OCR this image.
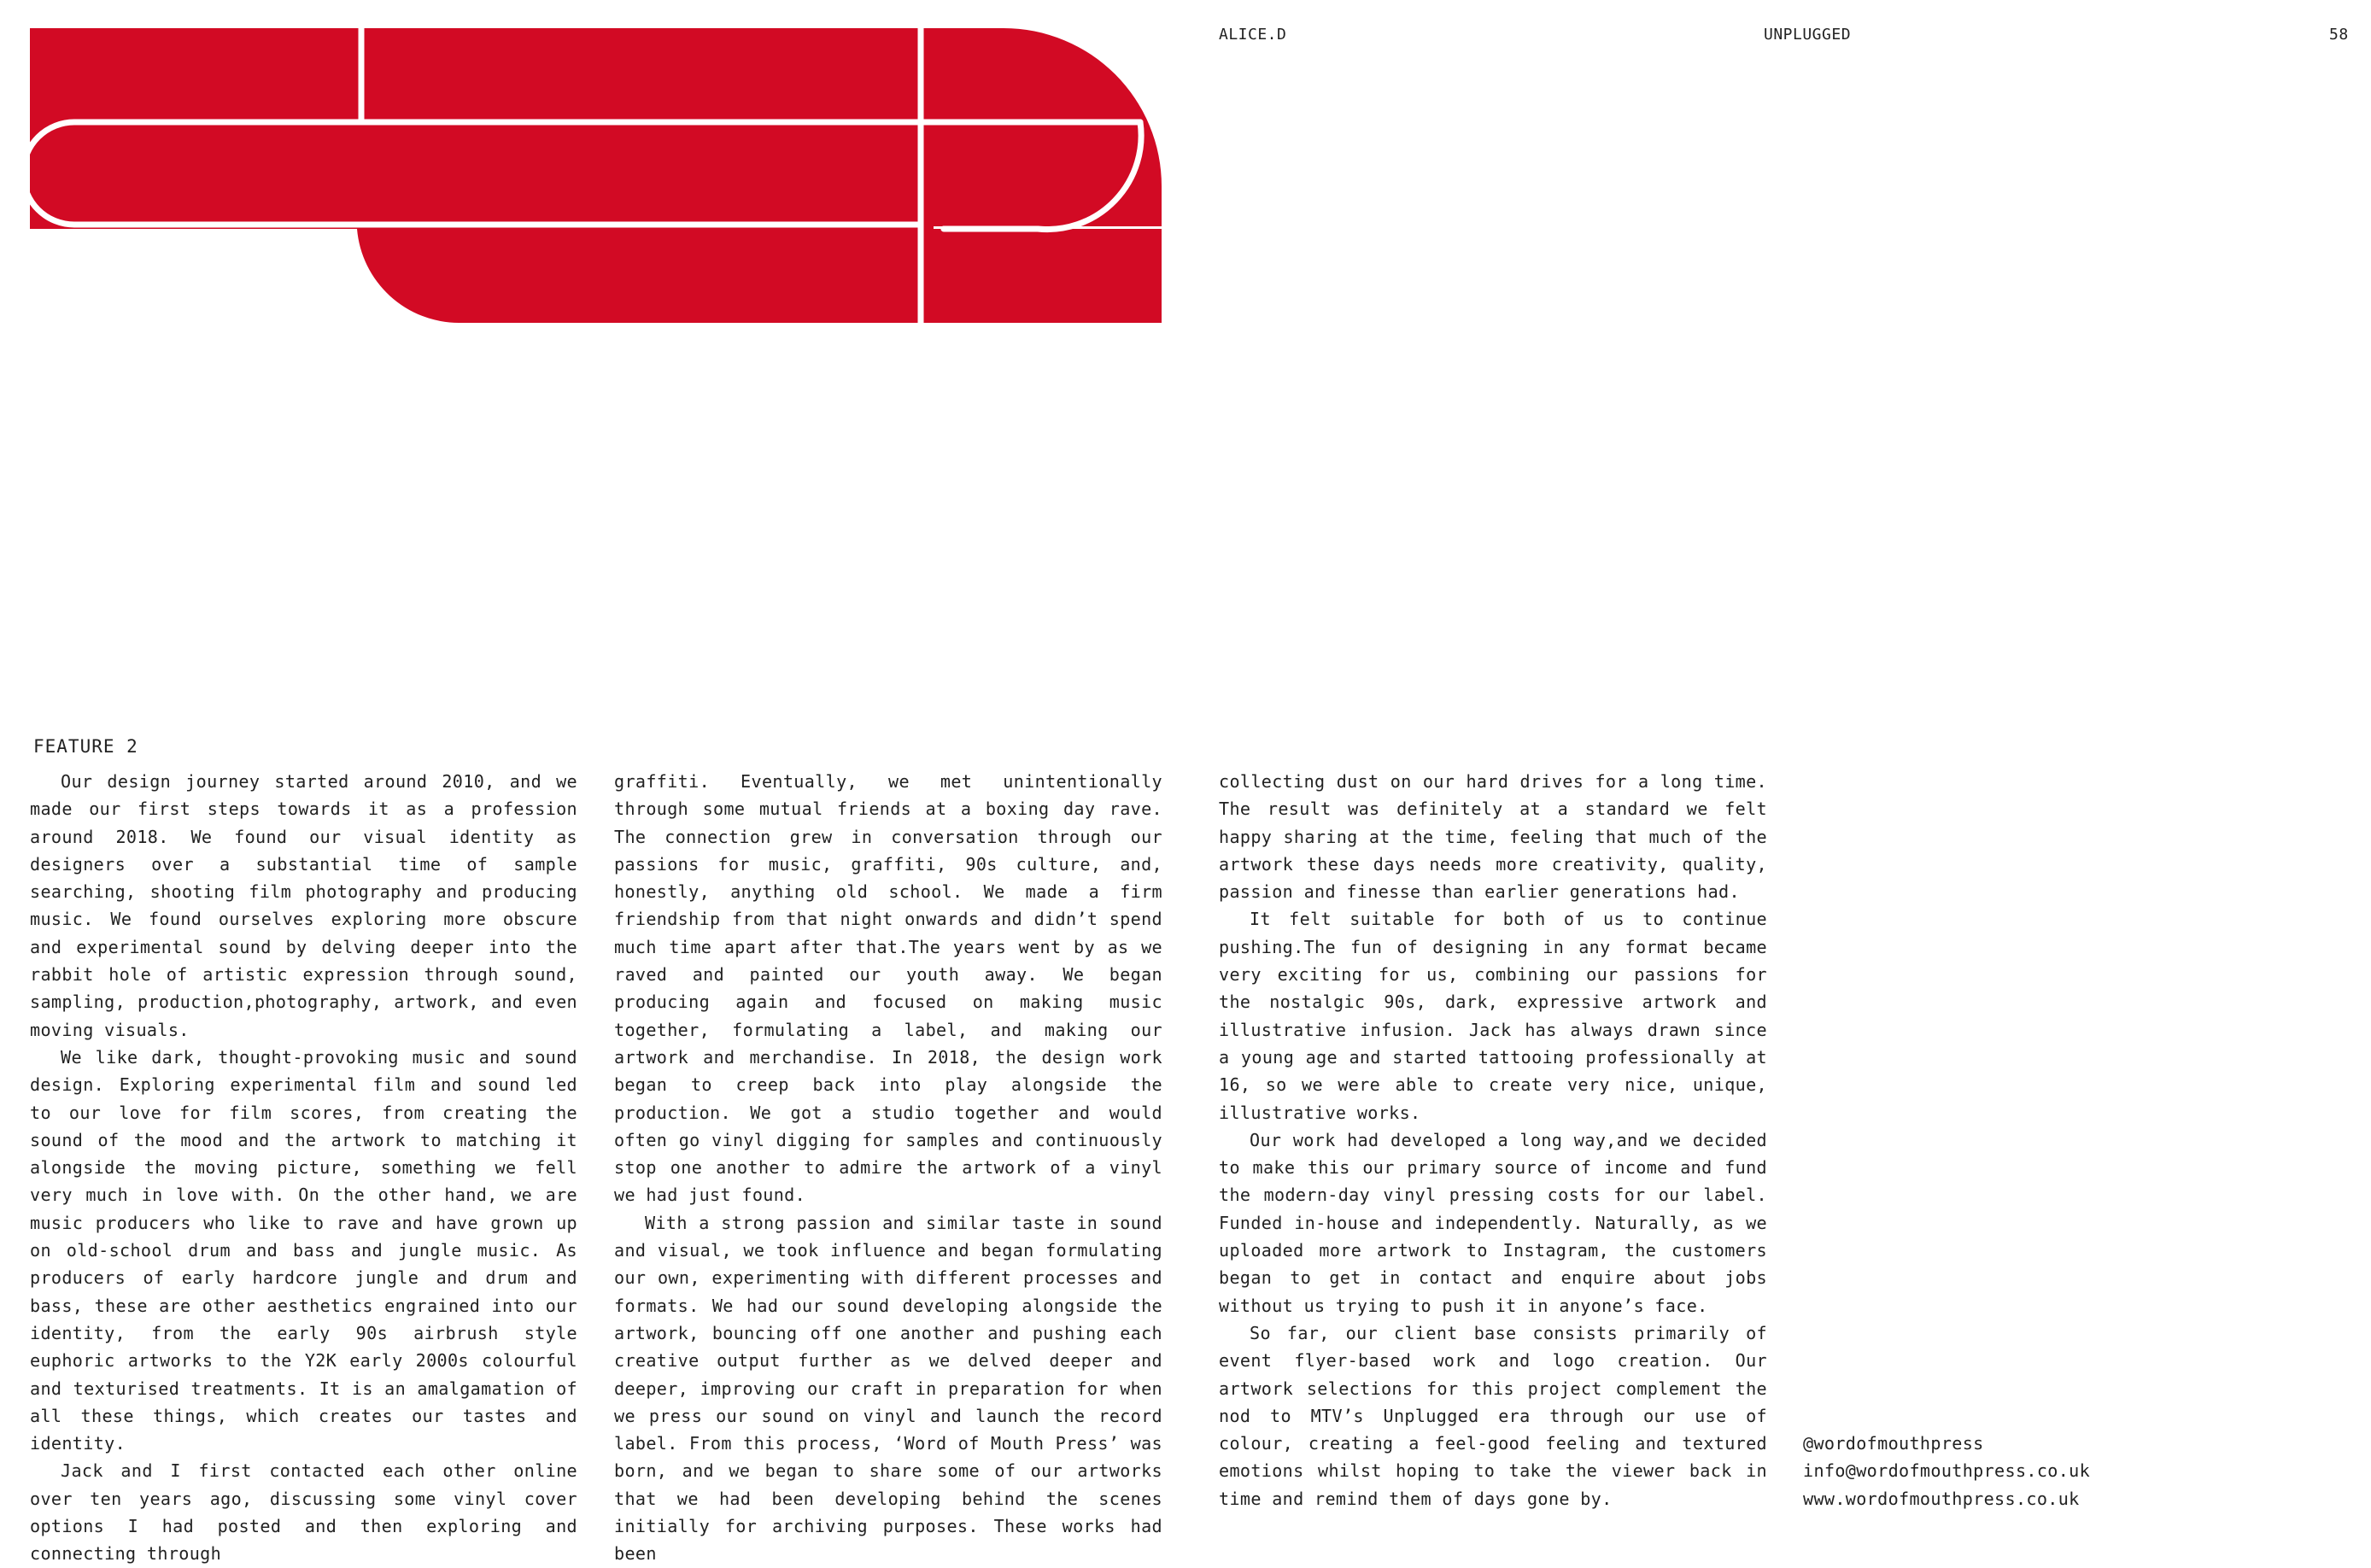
ALICE.D	UNPLUGGED	58
FEATURE 2

Our design journey started around 2010, and we made our first steps towards it as a profession around 2018. We found our visual identity as designers over a substantial time of sample searching, shooting film photography and producing music. We found ourselves exploring more obscure and experimental sound by delving deeper into the rabbit hole of artistic expression through sound, sampling, production,photography, artwork, and even moving visuals.

We like dark, thought-provoking music and sound design. Exploring experimental film and sound led to our love for film scores, from creating the sound of the mood and the artwork to matching it alongside the moving picture, something we fell very much in love with. On the other hand, we are music producers who like to rave and have grown up on old-school drum and bass and jungle music. As producers of early hardcore jungle and drum and bass, these are other aesthetics engrained into our identity, from the early 90s airbrush style euphoric artworks to the Y2K early 2000s colourful and texturised treatments. It is an amalgamation of all these things, which creates our tastes and identity.

Jack and I first contacted each other online over ten years ago, discussing some vinyl cover options I had posted and then exploring and connecting through

graffiti. Eventually, we met unintentionally through some mutual friends at a boxing day rave. The connection grew in conversation through our passions for music, graffiti, 90s culture, and, honestly, anything old school. We made a firm friendship from that night onwards and didn’t spend much time apart after that.The years went by as we raved and painted our youth away. We began producing again and focused on making music together, formulating a label, and making our artwork and merchandise. In 2018, the design work began to creep back into play alongside the production. We got a studio together and would often go vinyl digging for samples and continuously stop one another to admire the artwork of a vinyl we had just found.

With a strong passion and similar taste in sound and visual, we took influence and began formulating our own, experimenting with different processes and formats. We had our sound developing alongside the artwork, bouncing off one another and pushing each creative output further as we delved deeper and deeper, improving our craft in preparation for when we press our sound on vinyl and launch the record label. From this process, ‘Word of Mouth Press’ was born, and we began to share some of our artworks that we had been developing behind the scenes initially for archiving purposes. These works had been

collecting dust on our hard drives for a long time. The result was definitely at a standard we felt happy sharing at the time, feeling that much of the artwork these days needs more creativity, quality, passion and finesse than earlier generations had.

It felt suitable for both of us to continue pushing.The fun of designing in any format became very exciting for us, combining our passions for the nostalgic 90s, dark, expressive artwork and illustrative infusion. Jack has always drawn since a young age and started tattooing professionally at 16, so we were able to create very nice, unique, illustrative works.

Our work had developed a long way,and we decided to make this our primary source of income and fund the modern-day vinyl pressing costs for our label. Funded in-house and independently. Naturally, as we uploaded more artwork to Instagram, the customers began to get in contact and enquire about jobs without us trying to push it in anyone’s face.

So far, our client base consists primarily of event flyer-based work and logo creation. Our artwork selections for this project complement the nod to MTV’s Unplugged era through our use of colour, creating a feel-good feeling and textured emotions whilst hoping to take the viewer back in time and remind them of days gone by.

@wordofmouthpress
info@wordofmouthpress.co.uk
www.wordofmouthpress.co.uk
